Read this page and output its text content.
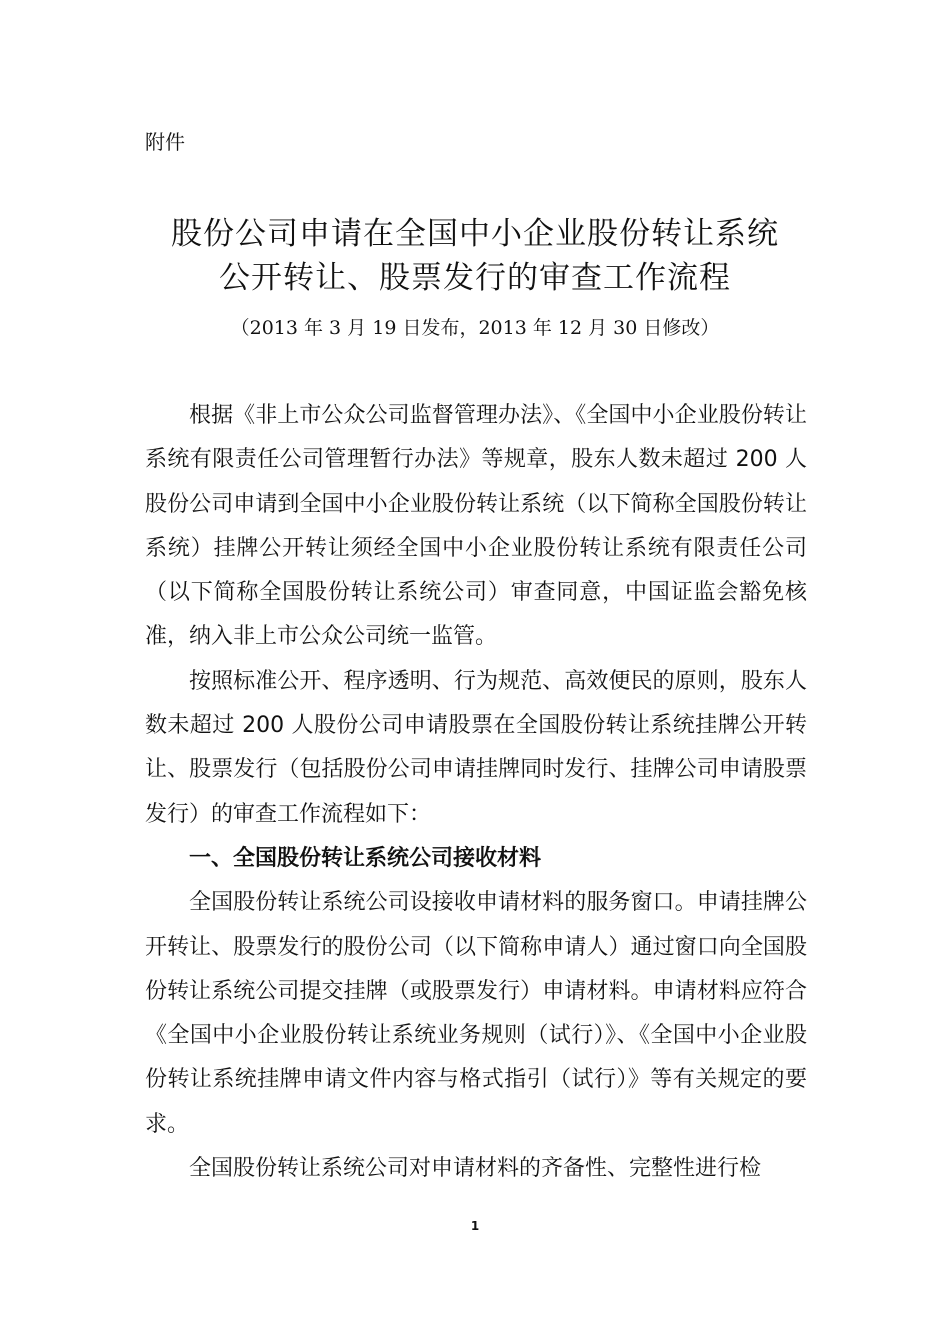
附件
股份公司申请在全国中小企业股份转让系统
公开转让、股票发行的审查工作流程
（2013 年 3 月 19 日发布，2013 年 12 月 30 日修改）

根据《非上市公众公司监督管理办法》、《全国中小企业股份转让系统有限责任公司管理暂行办法》等规章，股东人数未超过 200 人股份公司申请到全国中小企业股份转让系统（以下简称全国股份转让系统）挂牌公开转让须经全国中小企业股份转让系统有限责任公司（以下简称全国股份转让系统公司）审查同意，中国证监会豁免核准，纳入非上市公众公司统一监管。

按照标准公开、程序透明、行为规范、高效便民的原则，股东人数未超过 200 人股份公司申请股票在全国股份转让系统挂牌公开转让、股票发行（包括股份公司申请挂牌同时发行、挂牌公司申请股票发行）的审查工作流程如下：

一、全国股份转让系统公司接收材料

全国股份转让系统公司设接收申请材料的服务窗口。申请挂牌公开转让、股票发行的股份公司（以下简称申请人）通过窗口向全国股份转让系统公司提交挂牌（或股票发行）申请材料。申请材料应符合《全国中小企业股份转让系统业务规则（试行）》、《全国中小企业股份转让系统挂牌申请文件内容与格式指引（试行）》等有关规定的要求。

全国股份转让系统公司对申请材料的齐备性、完整性进行检

1
